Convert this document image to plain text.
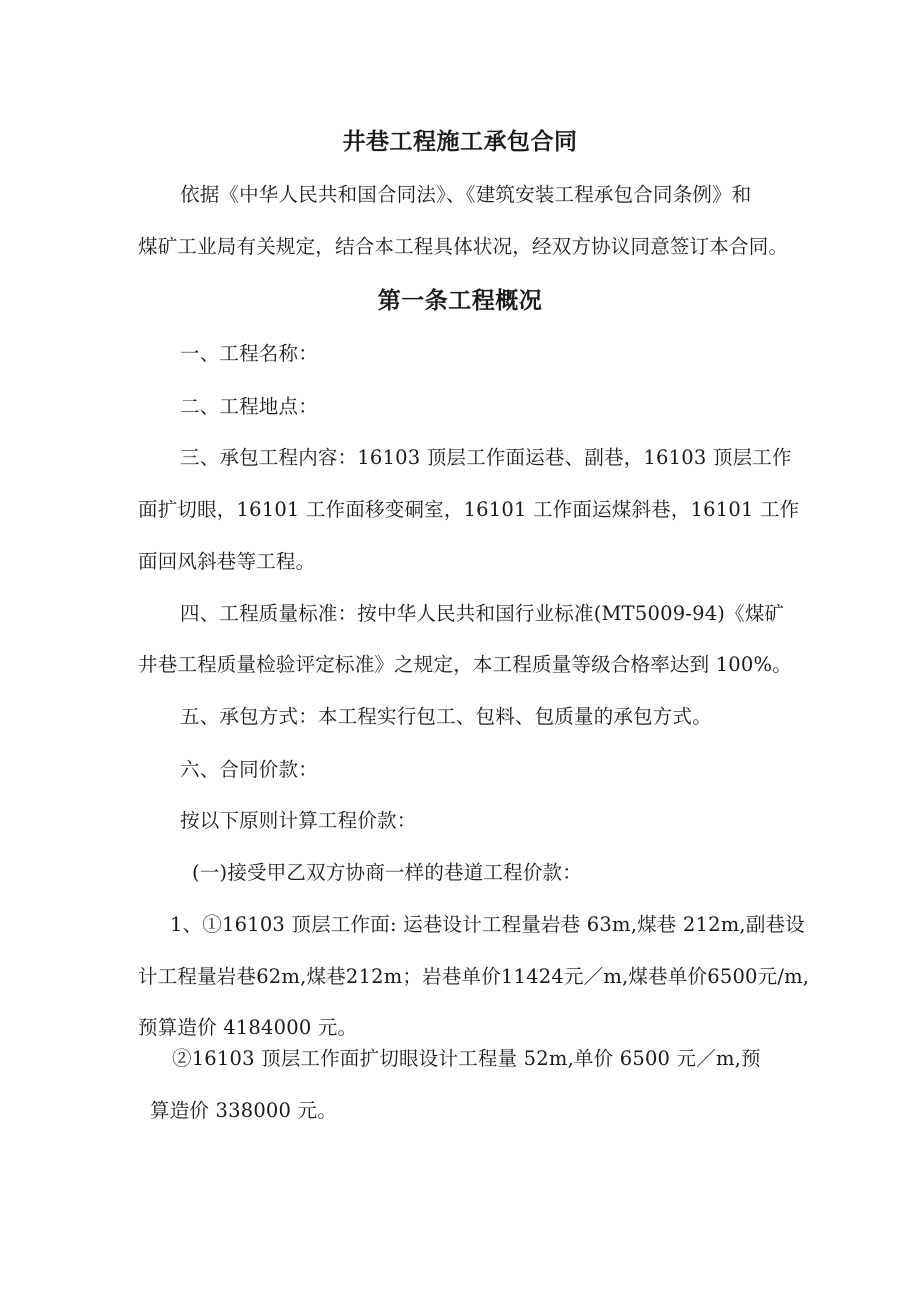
井巷工程施工承包合同
依据《中华人民共和国合同法》、《建筑安装工程承包合同条例》和
煤矿工业局有关规定，结合本工程具体状况，经双方协议同意签订本合同。
第一条工程概况
一、工程名称：
二、工程地点：
三、承包工程内容：16103 顶层工作面运巷、副巷，16103 顶层工作
面扩切眼，16101 工作面移变硐室，16101 工作面运煤斜巷，16101 工作
面回风斜巷等工程。
四、工程质量标准：按中华人民共和国行业标准(MT5009-94)《煤矿
井巷工程质量检验评定标准》之规定，本工程质量等级合格率达到 100%。
五、承包方式：本工程实行包工、包料、包质量的承包方式。
六、合同价款：
按以下原则计算工程价款：
(一)接受甲乙双方协商一样的巷道工程价款：
1、①16103 顶层工作面: 运巷设计工程量岩巷 63m,煤巷 212m,副巷设
计工程量岩巷62m,煤巷212m；岩巷单价11424元／m,煤巷单价6500元/m,
预算造价 4184000 元。
②16103 顶层工作面扩切眼设计工程量 52m,单价 6500 元／m,预
算造价 338000 元。
